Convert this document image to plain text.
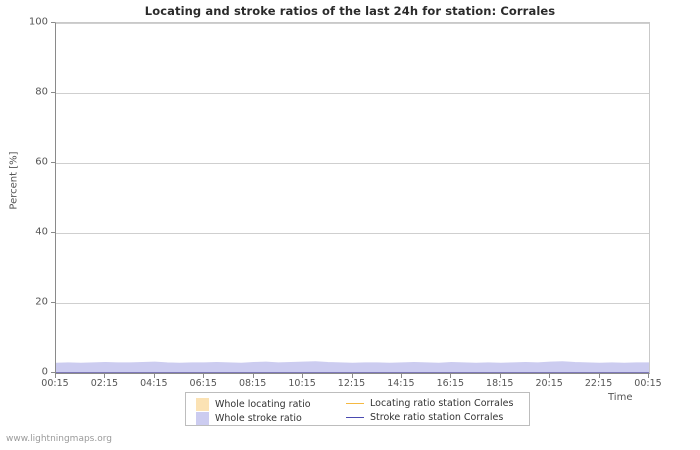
Locating and stroke ratios of the last 24h for station: Corrales
Percent [%]
Time
0
20
40
60
80
100
00:15 02:15 04:15 06:15 08:15 10:15 12:15 14:15 16:15 18:15 20:15 22:15 00:15
Whole locating ratio	Locating ratio station Corrales
Whole stroke ratio	Stroke ratio station Corrales
www.lightningmaps.org
